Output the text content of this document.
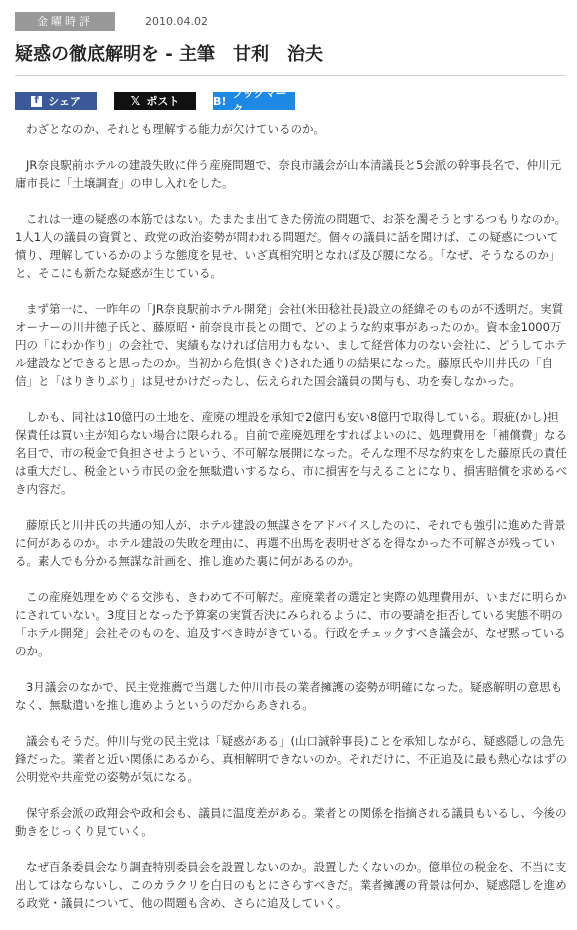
金曜時評	2010.04.02
疑惑の徹底解明を - 主筆　甘利　治夫
f シェア	𝕏 ポスト	B!
ブックマーク

わざとなのか、それとも理解する能力が欠けているのか。

JR奈良駅前ホテルの建設失敗に伴う産廃問題で、奈良市議会が山本清議長と5会派の幹事長名で、仲川元庸市長に「土壌調査」の申し入れをした。

これは一連の疑惑の本筋ではない。たまたま出てきた傍流の問題で、お茶を濁そうとするつもりなのか。1人1人の議員の資質と、政党の政治姿勢が問われる問題だ。個々の議員に話を聞けば、この疑惑について憤り、理解しているかのような態度を見せ、いざ真相究明となれば及び腰になる。「なぜ、そうなるのか」と、そこにも新たな疑惑が生じている。

まず第一に、一昨年の「JR奈良駅前ホテル開発」会社(米田稔社長)設立の経緯そのものが不透明だ。実質オーナーの川井徳子氏と、藤原昭・前奈良市長との間で、どのような約束事があったのか。資本金1000万円の「にわか作り」の会社で、実績もなければ信用力もない、まして経営体力のない会社に、どうしてホテル建設などできると思ったのか。当初から危惧(きぐ)された通りの結果になった。藤原氏や川井氏の「自信」と「はりきりぶり」は見せかけだったし、伝えられた国会議員の関与も、功を奏しなかった。

しかも、同社は10億円の土地を、産廃の埋設を承知で2億円も安い8億円で取得している。瑕疵(かし)担保責任は買い主が知らない場合に限られる。自前で産廃処理をすればよいのに、処理費用を「補償費」なる名目で、市の税金で負担させようという、不可解な展開になった。そんな理不尽な約束をした藤原氏の責任は重大だし、税金という市民の金を無駄遣いするなら、市に損害を与えることになり、損害賠償を求めるべき内容だ。

藤原氏と川井氏の共通の知人が、ホテル建設の無謀さをアドバイスしたのに、それでも強引に進めた背景に何があるのか。ホテル建設の失敗を理由に、再選不出馬を表明せざるを得なかった不可解さが残っている。素人でも分かる無謀な計画を、推し進めた裏に何があるのか。

この産廃処理をめぐる交渉も、きわめて不可解だ。産廃業者の選定と実際の処理費用が、いまだに明らかにされていない。3度目となった予算案の実質否決にみられるように、市の要請を拒否している実態不明の「ホテル開発」会社そのものを、追及すべき時がきている。行政をチェックすべき議会が、なぜ黙っているのか。

3月議会のなかで、民主党推薦で当選した仲川市長の業者擁護の姿勢が明確になった。疑惑解明の意思もなく、無駄遣いを推し進めようというのだからあきれる。

議会もそうだ。仲川与党の民主党は「疑惑がある」(山口誠幹事長)ことを承知しながら、疑惑隠しの急先鋒だった。業者と近い関係にあるから、真相解明できないのか。それだけに、不正追及に最も熱心なはずの公明党や共産党の姿勢が気になる。

保守系会派の政翔会や政和会も、議員に温度差がある。業者との関係を指摘される議員もいるし、今後の動きをじっくり見ていく。

なぜ百条委員会なり調査特別委員会を設置しないのか。設置したくないのか。億単位の税金を、不当に支出してはならないし、このカラクリを白日のもとにさらすべきだ。業者擁護の背景は何か、疑惑隠しを進める政党・議員について、他の問題も含め、さらに追及していく。
